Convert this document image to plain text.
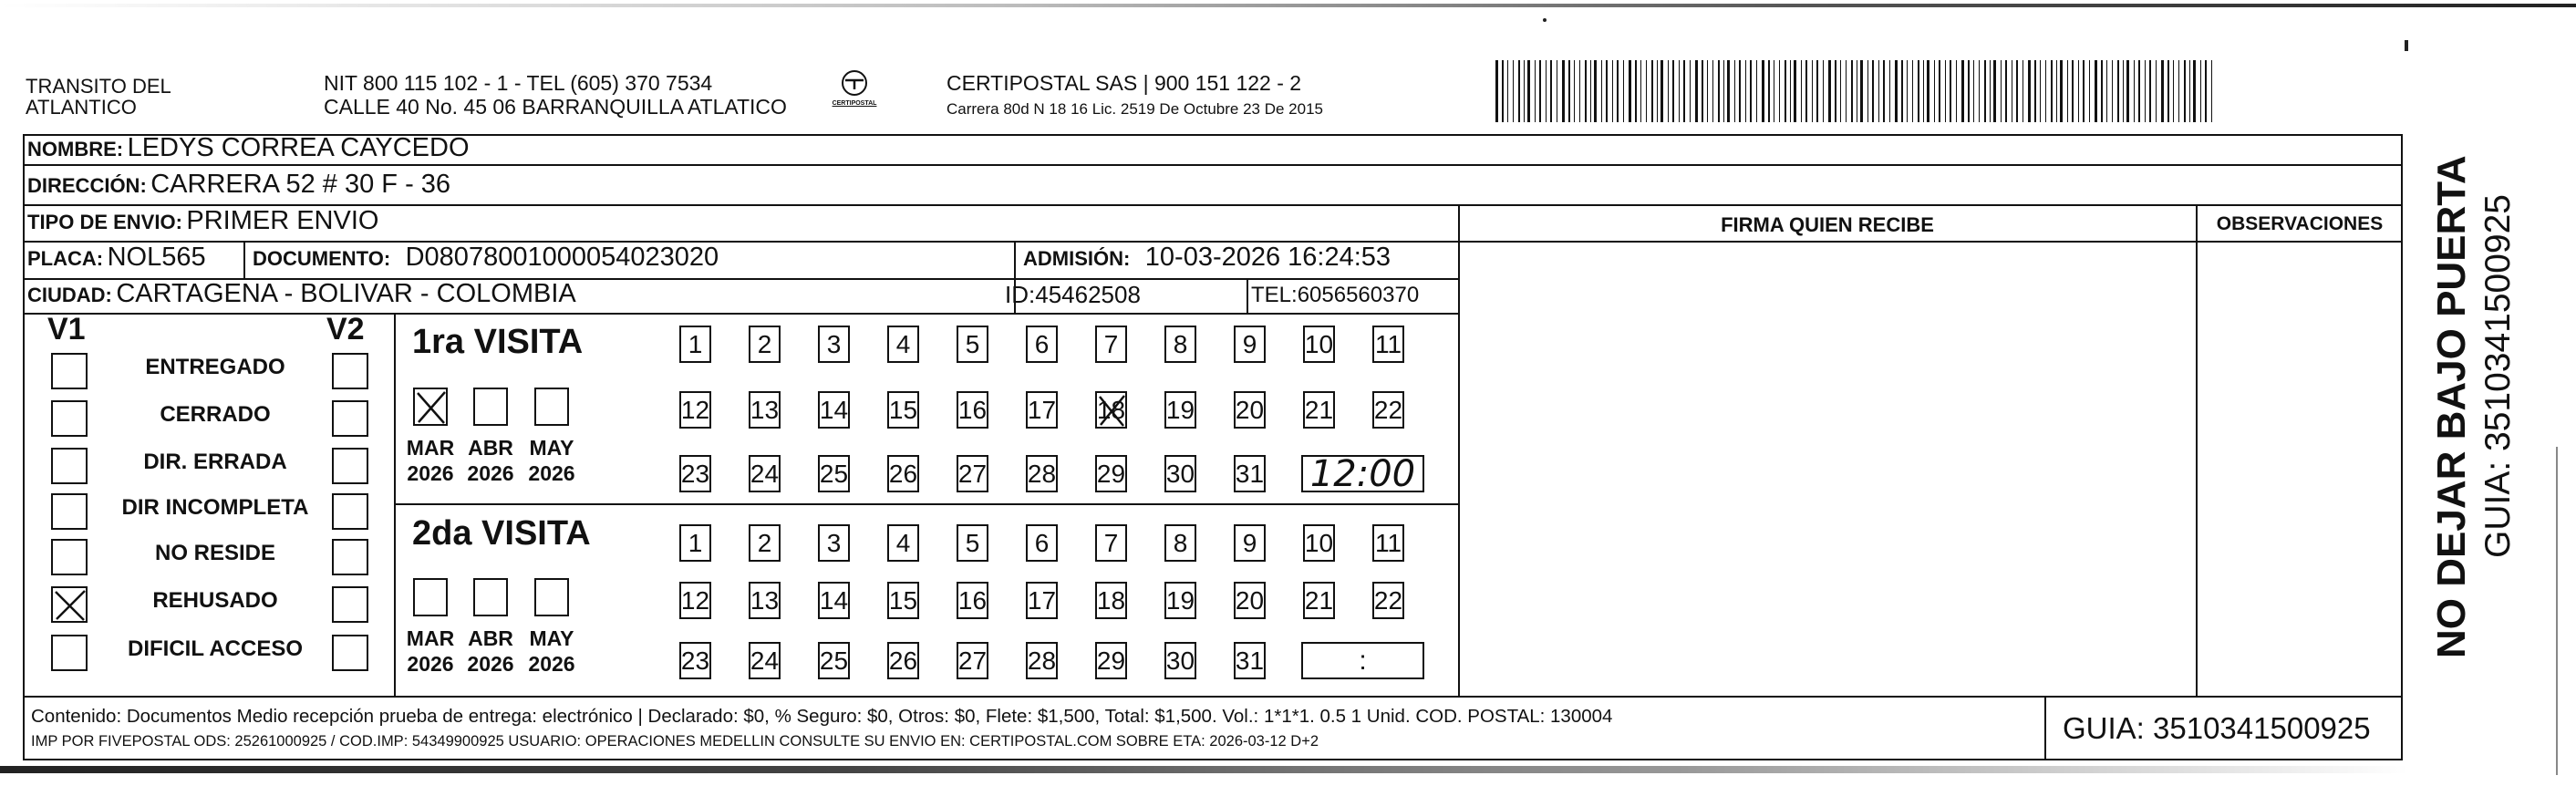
TRANSITO DEL
ATLANTICO
NIT 800 115 102 - 1 - TEL (605) 370 7534
CALLE 40 No. 45 06 BARRANQUILLA ATLATICO	CERTIPOSTAL
CERTIPOSTAL SAS | 900 151 122 - 2
Carrera 80d N 18 16 Lic. 2519 De Octubre 23 De 2015
NOMBRE: LEDYS CORREA CAYCEDO
DIRECCIÓN: CARRERA 52 # 30 F - 36
TIPO DE ENVIO: PRIMER ENVIO	FIRMA QUIEN RECIBE	OBSERVACIONES
PLACA: NOL565 DOCUMENTO: D08078001000054023020	ADMISIÓN: 10-03-2026 16:24:53
CIUDAD: CARTAGENA - BOLIVAR - COLOMBIA	ID:45462508	TEL:6056560370
V1	V2
ENTREGADO
CERRADO
DIR. ERRADA
DIR INCOMPLETA
NO RESIDE
REHUSADO
DIFICIL ACCESO
1ra VISITA
MAR
2026
ABR
2026
MAY
2026
1	2	3	4	5	6	7	8	9	10 11
12 13 14 15 16 17 18 19 20 21 22
23 24 25 26 27 28 29 30 31 12:00
2da VISITA
MAR
2026
ABR
2026
MAY
2026
1	2	3	4	5	6	7	8	9	10 11
12 13 14 15 16 17 18 19 20 21 22
23 24 25 26 27 28 29 30 31	:
Contenido: Documentos Medio recepción prueba de entrega: electrónico | Declarado: $0, % Seguro: $0, Otros: $0, Flete: $1,500, Total: $1,500. Vol.: 1*1*1. 0.5 1 Unid. COD. POSTAL: 130004
IMP POR FIVEPOSTAL ODS: 25261000925 / COD.IMP: 54349900925 USUARIO: OPERACIONES MEDELLIN CONSULTE SU ENVIO EN: CERTIPOSTAL.COM SOBRE ETA: 2026-03-12 D+2	GUIA: 3510341500925
NO DEJAR BAJO PUERTA GUIA: 3510341500925
